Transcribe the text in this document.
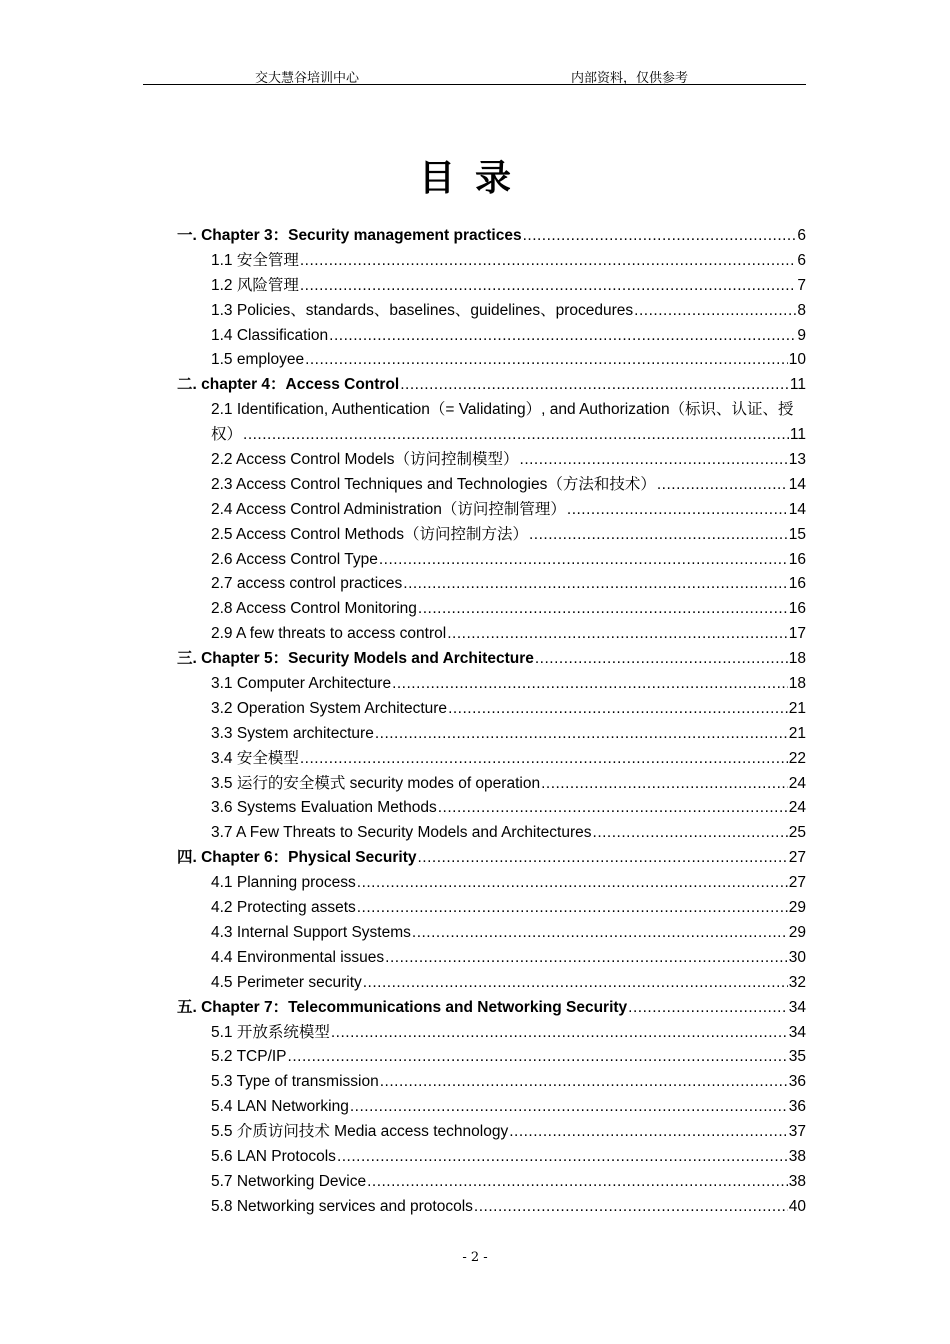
交大慧谷培训中心	内部资料，仅供参考
目录
一. Chapter 3：Security management practices .....	6
1.1 安全管理 .....	6
1.2 风险管理 .....	7
1.3 Policies、standards、baselines、guidelines、procedures .....	8
1.4 Classification .....	9
1.5 employee .....	10
二. chapter 4：Access Control .....	11
2.1 Identification, Authentication（= Validating）, and Authorization（标识、认证、授
权） .....	11
2.2 Access Control Models（访问控制模型） .....	13
2.3 Access Control Techniques and Technologies（方法和技术） .....	14
2.4 Access Control Administration（访问控制管理） .....	14
2.5 Access Control Methods（访问控制方法） .....	15
2.6 Access Control Type .....	16
2.7 access control practices .....	16
2.8 Access Control Monitoring .....	16
2.9 A few threats to access control .....	17
三. Chapter 5：Security Models and Architecture .....	18
3.1 Computer Architecture .....	18
3.2 Operation System Architecture .....	21
3.3 System architecture .....	21
3.4 安全模型 .....	22
3.5 运行的安全模式 security modes of operation .....	24
3.6 Systems Evaluation Methods .....	24
3.7 A Few Threats to Security Models and Architectures .....	25
四. Chapter 6：Physical Security .....	27
4.1 Planning process .....	27
4.2 Protecting assets .....	29
4.3 Internal Support Systems .....	29
4.4 Environmental issues .....	30
4.5 Perimeter security .....	32
五. Chapter 7：Telecommunications and Networking Security .....	34
5.1 开放系统模型 .....	34
5.2 TCP/IP .....	35
5.3 Type of transmission .....	36
5.4 LAN Networking .....	36
5.5 介质访问技术 Media access technology .....	37
5.6 LAN Protocols .....	38
5.7 Networking Device .....	38
5.8 Networking services and protocols .....	40
- 2 -
